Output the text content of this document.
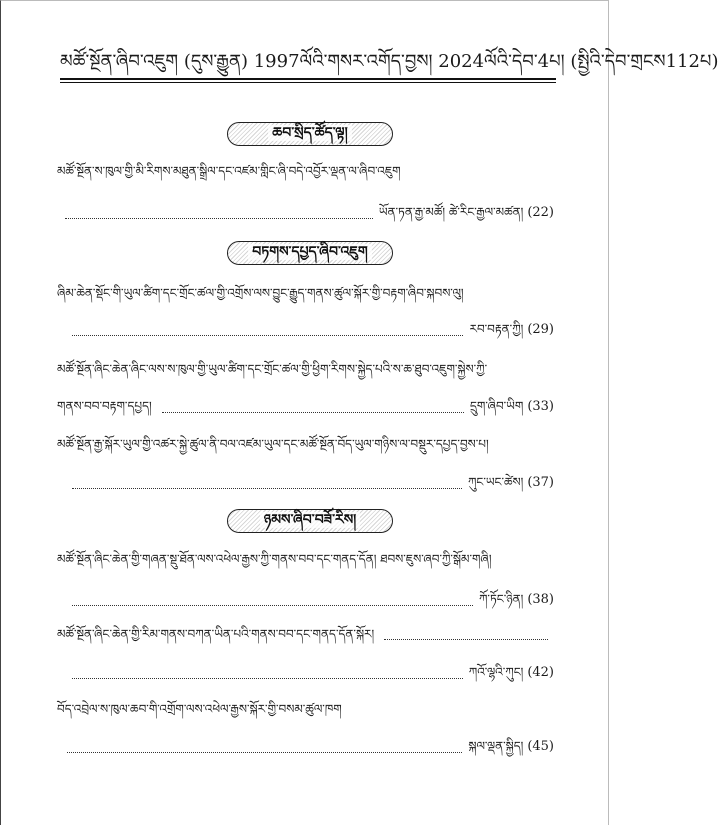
མཚོ་སྔོན་ཞིབ་འཇུག (དུས་རྒྱུན) 1997ལོའི་གསར་འགོད་བྱས། 2024ལོའི་དེབ་4པ། (སྤྱིའི་དེབ་གྲངས112པ)
ཆབ་སྲིད་ཚོད་ལྟ།
མཚོ་སྔོན་ས་ཁུལ་གྱི་མི་རིགས་མཐུན་སྒྲིལ་དང་འཛམ་གླིང་ཞི་བདེ་འབྱོར་ལྡན་ལ་ཞིབ་འཇུག
ཡོན་ཏན་རྒྱ་མཚོ། ཚེ་རིང་རྒྱལ་མཚན། (22)
བཏགས་དཔྱད་ཞིབ་འཇུག
ཞིམ་ཆེན་སྡོང་གི་ཡུལ་ཚིག་དང་གྲོང་ཚལ་གྱི་འགྲོས་ལས་བྱུང་རྒྱུད་གནས་ཚུལ་སྐོར་གྱི་བརྟག་ཞིབ་སྐབས་ལུ།
རབ་བརྟན་ཀྱི། (29)
མཚོ་སྔོན་ཞིང་ཆེན་ཞིང་ལས་ས་ཁུལ་གྱི་ཡུལ་ཚིག་དང་གྲོང་ཚལ་གྱི་ཕྱིག་རིགས་སྐྱེད་པའི་ས་ཆ་ཐུབ་འཇུག་སྐྱེས་ཀྱི་
གནས་བབ་བརྟག་དཔྱད།	དྲུག་ཞིབ་ཡིག (33)
མཚོ་སྔོན་རྒྱ་སྐོར་ཡུལ་གྱི་འཚར་སྐྱེ་ཚུལ་ནི་བལ་འཛམ་ཡུལ་དང་མཚོ་སྔོན་བོད་ཡུལ་གཉིས་ལ་བསྡུར་དཔྱད་བྱས་པ།
ཀུང་ཡང་ཚེས། (37)
ཉམས་ཞིབ་བཟོ་རིས།
མཚོ་སྔོན་ཞིང་ཆེན་གྱི་གཞན་སྡུ་ཐོན་ལས་འཕེལ་རྒྱས་ཀྱི་གནས་བབ་དང་གནད་དོན། ཐབས་ཇུས་ཞབ་ཀྱི་སྒོམ་གཞི།
ཀོ་ཏོང་ཉིན། (38)
མཚོ་སྔོན་ཞིང་ཆེན་གྱི་རིམ་གནས་བཀན་ཡིན་པའི་གནས་བབ་དང་གནད་དོན་སྐོར།
ཀའོ་ལྷའི་ཀུང། (42)
བོད་འབྲེལ་ས་ཁུལ་ཆབ་གི་འགྲོག་ལས་འཕེལ་རྒྱས་སྐོར་གྱི་བསམ་ཚུལ་ཁག
སྐལ་ལྡན་སྐྱིད། (45)
